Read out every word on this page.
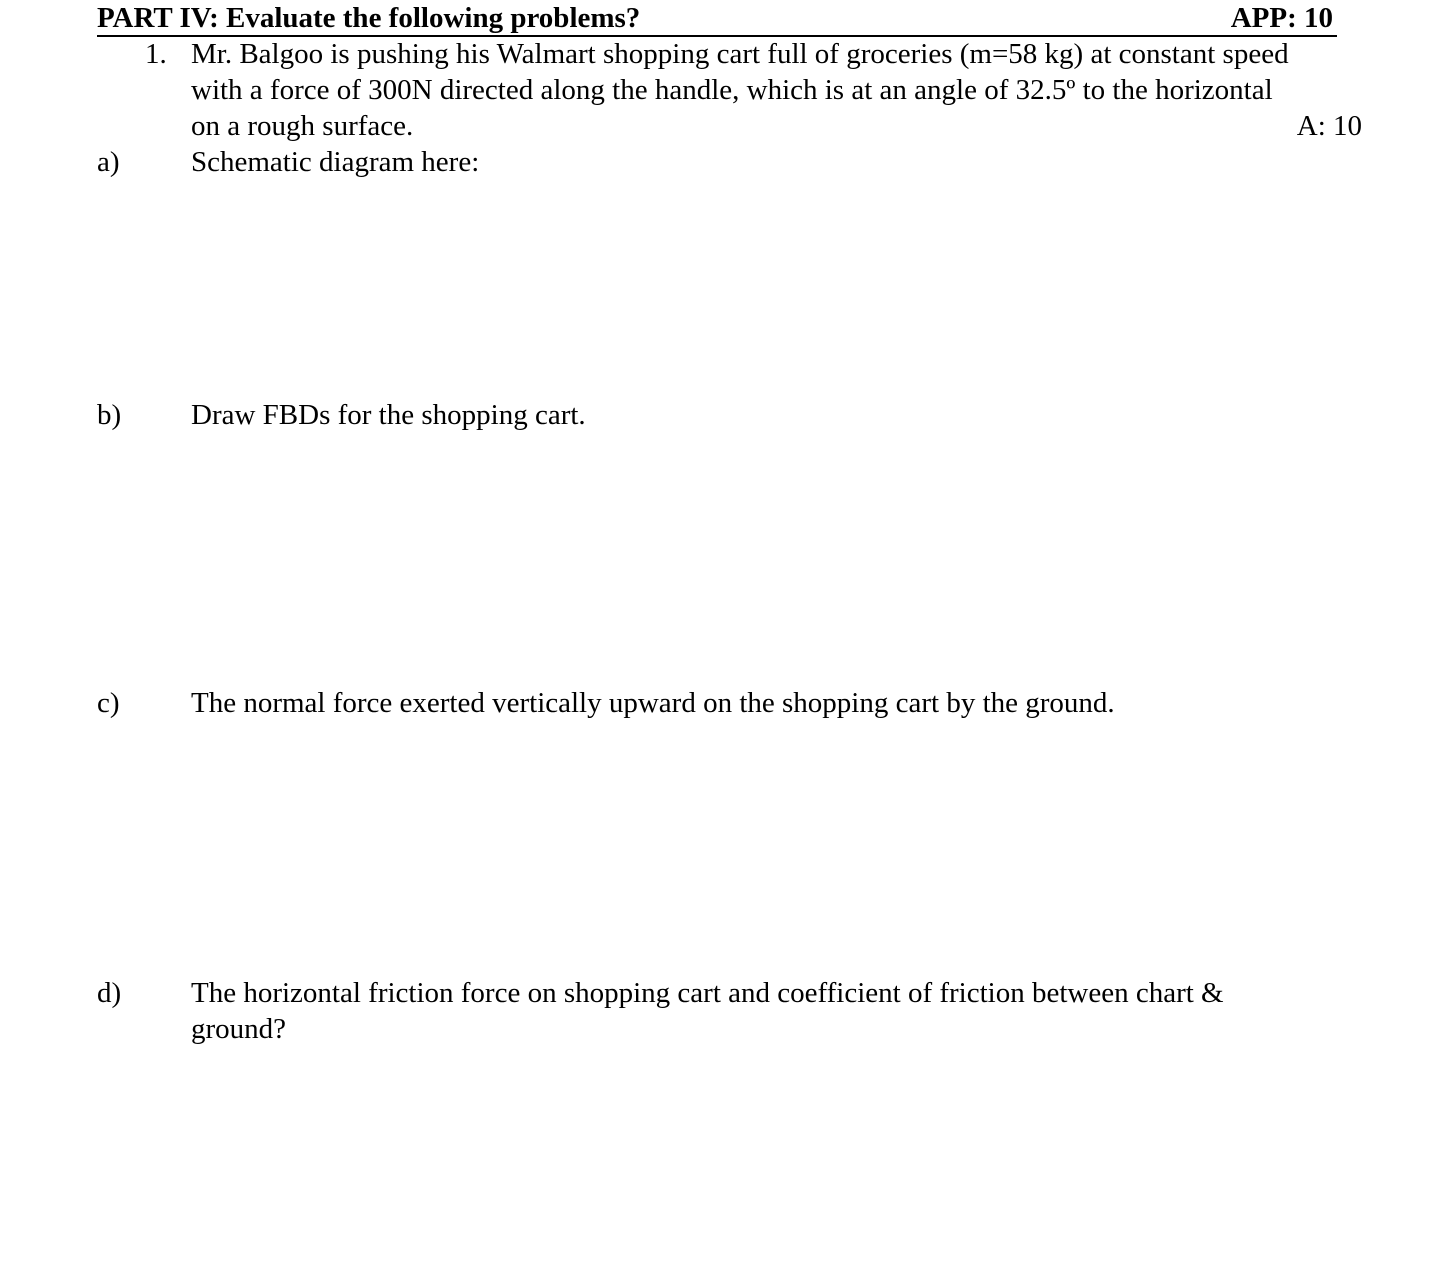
PART IV: Evaluate the following problems?	APP: 10
1. Mr. Balgoo is pushing his Walmart shopping cart full of groceries (m=58 kg) at constant speed
with a force of 300N directed along the handle, which is at an angle of 32.5º to the horizontal
on a rough surface.	A: 10
a) Schematic diagram here:
b) Draw FBDs for the shopping cart.
c) The normal force exerted vertically upward on the shopping cart by the ground.
d) The horizontal friction force on shopping cart and coefficient of friction between chart &
ground?
